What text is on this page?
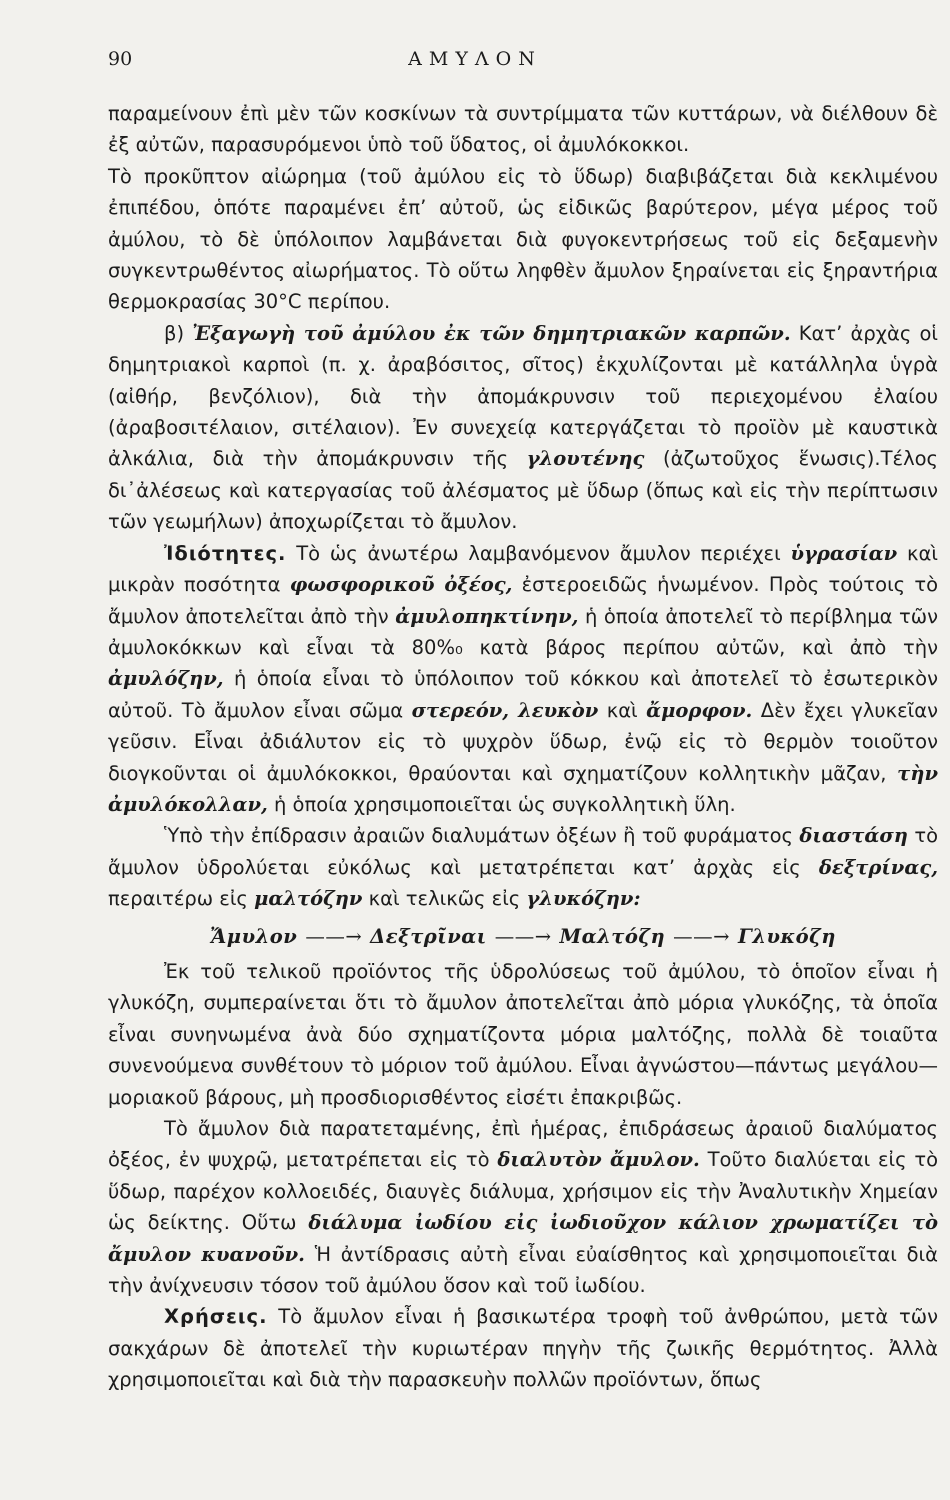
90	ΑΜΥΛΟΝ

παραμείνουν ἐπὶ μὲν τῶν κοσκίνων τὰ συντρίμματα τῶν κυττάρων, νὰ διέλθουν δὲ ἐξ αὐτῶν, παρασυρόμενοι ὑπὸ τοῦ ὕδατος, οἱ ἀμυλόκοκκοι.

Τὸ προκῦπτον αἰώρημα (τοῦ ἀμύλου εἰς τὸ ὕδωρ) διαβιβάζεται διὰ κεκλιμένου ἐπιπέδου, ὁπότε παραμένει ἐπ’ αὐτοῦ, ὡς εἰδικῶς βαρύτερον, μέγα μέρος τοῦ ἀμύλου, τὸ δὲ ὑπόλοιπον λαμβάνεται διὰ φυγοκεντρήσεως τοῦ εἰς δεξαμενὴν συγκεντρωθέντος αἰωρήματος. Τὸ οὕτω ληφθὲν ἄμυλον ξηραίνεται εἰς ξηραντήρια θερμοκρασίας 30°C περίπου.

β) Ἐξαγωγὴ τοῦ ἀμύλου ἐκ τῶν δημητριακῶν καρπῶν. Κατ’ ἀρχὰς οἱ δημητριακοὶ καρποὶ (π. χ. ἀραβόσιτος, σῖτος) ἐκχυλίζονται μὲ κατάλληλα ὑγρὰ (αἰθήρ, βενζόλιον), διὰ τὴν ἀπομάκρυνσιν τοῦ περιεχομένου ἐλαίου (ἀραβοσιτέλαιον, σιτέλαιον). Ἐν συνεχείᾳ κατεργάζεται τὸ προϊὸν μὲ καυστικὰ ἀλκάλια, διὰ τὴν ἀπομάκρυνσιν τῆς γλουτένης (ἀζωτοῦχος ἕνωσις).Τέλος δι᾿ἀλέσεως καὶ κατεργασίας τοῦ ἀλέσματος μὲ ὕδωρ (ὅπως καὶ εἰς τὴν περίπτωσιν τῶν γεωμήλων) ἀποχωρίζεται τὸ ἄμυλον.

Ἰδιότητες. Τὸ ὡς ἀνωτέρω λαμβανόμενον ἄμυλον περιέχει ὑγρασίαν καὶ μικρὰν ποσότητα φωσφορικοῦ ὀξέος, ἐστεροειδῶς ἡνωμένον. Πρὸς τούτοις τὸ ἄμυλον ἀποτελεῖται ἀπὸ τὴν ἀμυλοπηκτίνην, ἡ ὁποία ἀποτελεῖ τὸ περίβλημα τῶν ἀμυλοκόκκων καὶ εἶναι τὰ 80%₀ κατὰ βάρος περίπου αὐτῶν, καὶ ἀπὸ τὴν ἀμυλόζην, ἡ ὁποία εἶναι τὸ ὑπόλοιπον τοῦ κόκκου καὶ ἀποτελεῖ τὸ ἐσωτερικὸν αὐτοῦ. Τὸ ἄμυλον εἶναι σῶμα στερεόν, λευκὸν καὶ ἄμορφον. Δὲν ἔχει γλυκεῖαν γεῦσιν. Εἶναι ἀδιάλυτον εἰς τὸ ψυχρὸν ὕδωρ, ἐνῷ εἰς τὸ θερμὸν τοιοῦτον διογκοῦνται οἱ ἀμυλόκοκκοι, θραύονται καὶ σχηματίζουν κολλητικὴν μᾶζαν, τὴν ἀμυλόκολλαν, ἡ ὁποία χρησιμοποιεῖται ὡς συγκολλητικὴ ὕλη.

Ὑπὸ τὴν ἐπίδρασιν ἀραιῶν διαλυμάτων ὀξέων ἢ τοῦ φυράματος διαστάση τὸ ἄμυλον ὑδρολύεται εὐκόλως καὶ μετατρέπεται κατ’ ἀρχὰς εἰς δεξτρίνας, περαιτέρω εἰς μαλτόζην καὶ τελικῶς εἰς γλυκόζην:

Ἄμυλον ——→ Δεξτρῖναι ——→ Μαλτόζη ——→ Γλυκόζη

Ἐκ τοῦ τελικοῦ προϊόντος τῆς ὑδρολύσεως τοῦ ἀμύλου, τὸ ὁποῖον εἶναι ἡ γλυκόζη, συμπεραίνεται ὅτι τὸ ἄμυλον ἀποτελεῖται ἀπὸ μόρια γλυκόζης, τὰ ὁποῖα εἶναι συνηνωμένα ἀνὰ δύο σχηματίζοντα μόρια μαλτόζης, πολλὰ δὲ τοιαῦτα συνενούμενα συνθέτουν τὸ μόριον τοῦ ἀμύλου. Εἶναι ἀγνώστου—πάντως μεγάλου—μοριακοῦ βάρους, μὴ προσδιορισθέντος εἰσέτι ἐπακριβῶς.

Τὸ ἄμυλον διὰ παρατεταμένης, ἐπὶ ἡμέρας, ἐπιδράσεως ἀραιοῦ διαλύματος ὀξέος, ἐν ψυχρῷ, μετατρέπεται εἰς τὸ διαλυτὸν ἄμυλον. Τοῦτο διαλύεται εἰς τὸ ὕδωρ, παρέχον κολλοειδές, διαυγὲς διάλυμα, χρήσιμον εἰς τὴν Ἀναλυτικὴν Χημείαν ὡς δείκτης. Οὕτω διάλυμα ἰωδίου εἰς ἰωδιοῦχον κάλιον χρωματίζει τὸ ἄμυλον κυανοῦν. Ἡ ἀντίδρασις αὐτὴ εἶναι εὐαίσθητος καὶ χρησιμοποιεῖται διὰ τὴν ἀνίχνευσιν τόσον τοῦ ἀμύλου ὅσον καὶ τοῦ ἰωδίου.

Χρήσεις. Τὸ ἄμυλον εἶναι ἡ βασικωτέρα τροφὴ τοῦ ἀνθρώπου, μετὰ τῶν σακχάρων δὲ ἀποτελεῖ τὴν κυριωτέραν πηγὴν τῆς ζωικῆς θερμότητος. Ἀλλὰ χρησιμοποιεῖται καὶ διὰ τὴν παρασκευὴν πολλῶν προϊόντων, ὅπως
